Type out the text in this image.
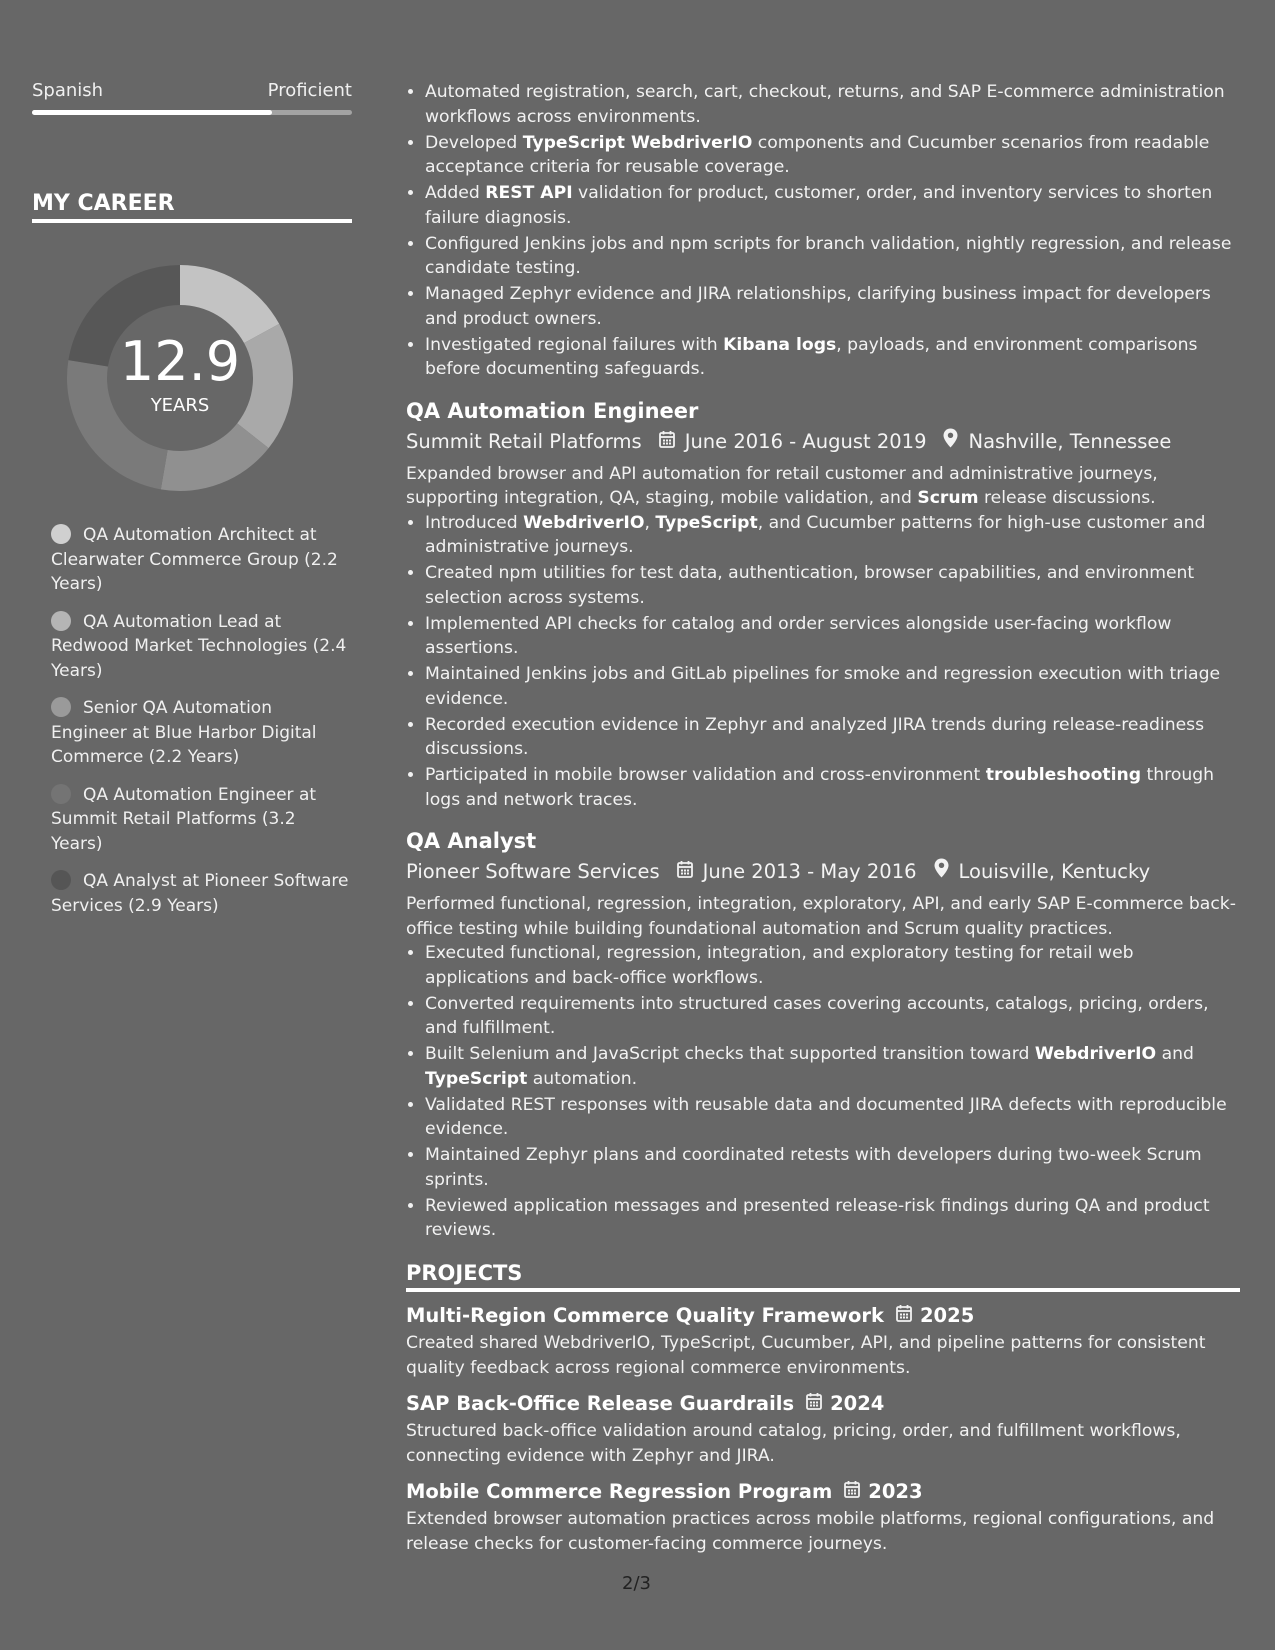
Spanish	Proficient
MY CAREER
12.9
YEARS
QA Automation Architect at Clearwater Commerce Group (2.2 Years)
QA Automation Lead at Redwood Market Technologies (2.4 Years)
Senior QA Automation Engineer at Blue Harbor Digital Commerce (2.2 Years)
QA Automation Engineer at Summit Retail Platforms (3.2 Years)
QA Analyst at Pioneer Software Services (2.9 Years)
• Automated registration, search, cart, checkout, returns, and SAP E-commerce administration workflows across environments.
• Developed TypeScript WebdriverIO components and Cucumber scenarios from readable acceptance criteria for reusable coverage.
• Added REST API validation for product, customer, order, and inventory services to shorten failure diagnosis.
• Configured Jenkins jobs and npm scripts for branch validation, nightly regression, and release candidate testing.
• Managed Zephyr evidence and JIRA relationships, clarifying business impact for developers and product owners.
• Investigated regional failures with Kibana logs, payloads, and environment comparisons before documenting safeguards.
QA Automation Engineer
Summit Retail Platforms June 2016 - August 2019 Nashville, Tennessee
Expanded browser and API automation for retail customer and administrative journeys, supporting integration, QA, staging, mobile validation, and Scrum release discussions.
• Introduced WebdriverIO, TypeScript, and Cucumber patterns for high-use customer and administrative journeys.
• Created npm utilities for test data, authentication, browser capabilities, and environment selection across systems.
• Implemented API checks for catalog and order services alongside user-facing workflow assertions.
• Maintained Jenkins jobs and GitLab pipelines for smoke and regression execution with triage evidence.
• Recorded execution evidence in Zephyr and analyzed JIRA trends during release-readiness discussions.
• Participated in mobile browser validation and cross-environment troubleshooting through logs and network traces.
QA Analyst
Pioneer Software Services June 2013 - May 2016 Louisville, Kentucky
Performed functional, regression, integration, exploratory, API, and early SAP E-commerce back-office testing while building foundational automation and Scrum quality practices.
• Executed functional, regression, integration, and exploratory testing for retail web applications and back-office workflows.
• Converted requirements into structured cases covering accounts, catalogs, pricing, orders, and fulfillment.
• Built Selenium and JavaScript checks that supported transition toward WebdriverIO and TypeScript automation.
• Validated REST responses with reusable data and documented JIRA defects with reproducible evidence.
• Maintained Zephyr plans and coordinated retests with developers during two-week Scrum sprints.
• Reviewed application messages and presented release-risk findings during QA and product reviews.
PROJECTS
Multi-Region Commerce Quality Framework 2025
Created shared WebdriverIO, TypeScript, Cucumber, API, and pipeline patterns for consistent quality feedback across regional commerce environments.
SAP Back-Office Release Guardrails 2024
Structured back-office validation around catalog, pricing, order, and fulfillment workflows, connecting evidence with Zephyr and JIRA.
Mobile Commerce Regression Program 2023
Extended browser automation practices across mobile platforms, regional configurations, and release checks for customer-facing commerce journeys.
2/3
